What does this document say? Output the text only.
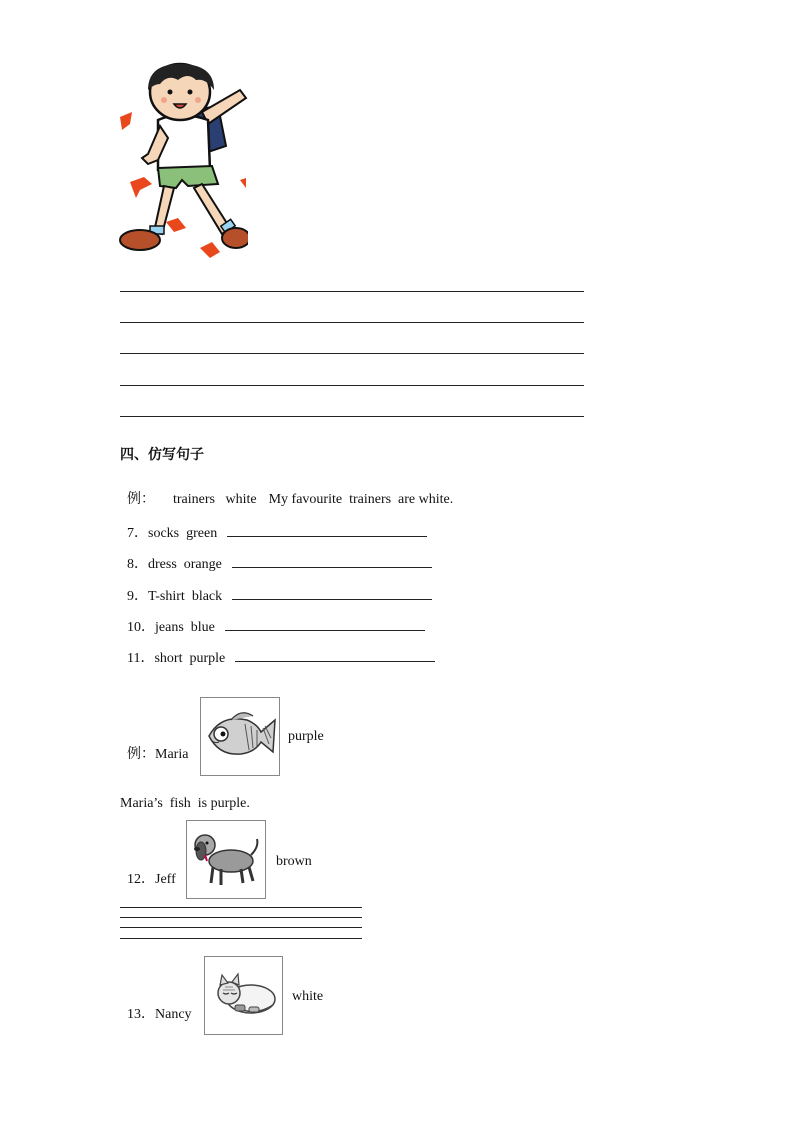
四、仿写句子

例： trainers   white My favourite  trainers  are white.

7．socks  green

8．dress  orange

9．T-shirt  black

10．jeans  blue

11．short  purple

例：Maria

purple
Maria’s  fish  is purple.

12．Jeff

brown

13．Nancy

white
